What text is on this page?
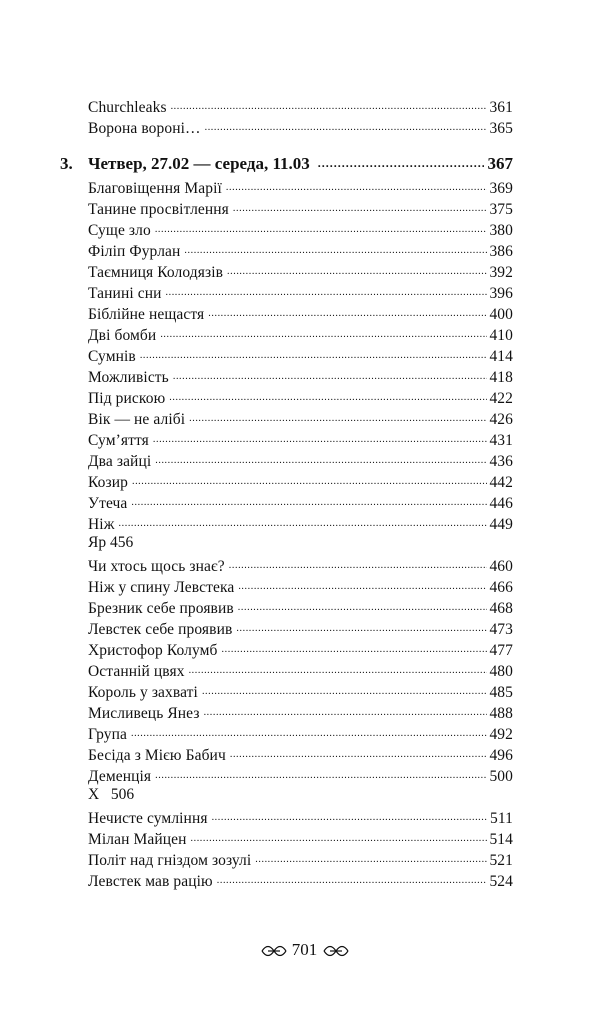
Churchleaks .....	361
Ворона вороні… .....	365
3. Четвер, 27.02 — середа, 11.03 .....	367
Благовіщення Марії .....	369
Танине просвітлення .....	375
Суще зло .....	380
Філіп Фурлан .....	386
Таємниця Колодязів .....	392
Танині сни .....	396
Біблійне нещастя .....	400
Дві бомби .....	410
Сумнів .....	414
Можливість .....	418
Під рискою .....	422
Вік — не алібі .....	426
Сум’яття .....	431
Два зайці .....	436
Козир .....	442
Утеча .....	446
Ніж .....	449
Яр 456
Чи хтось щось знає? .....	460
Ніж у спину Левстека .....	466
Брезник себе проявив .....	468
Левстек себе проявив .....	473
Христофор Колумб .....	477
Останній цвях .....	480
Король у захваті .....	485
Мисливець Янез .....	488
Група .....	492
Бесіда з Мією Бабич .....	496
Деменція .....	500
Х   506
Нечисте сумління .....	511
Мілан Майцен .....	514
Політ над гніздом зозулі .....	521
Левстек мав рацію .....	524
701
